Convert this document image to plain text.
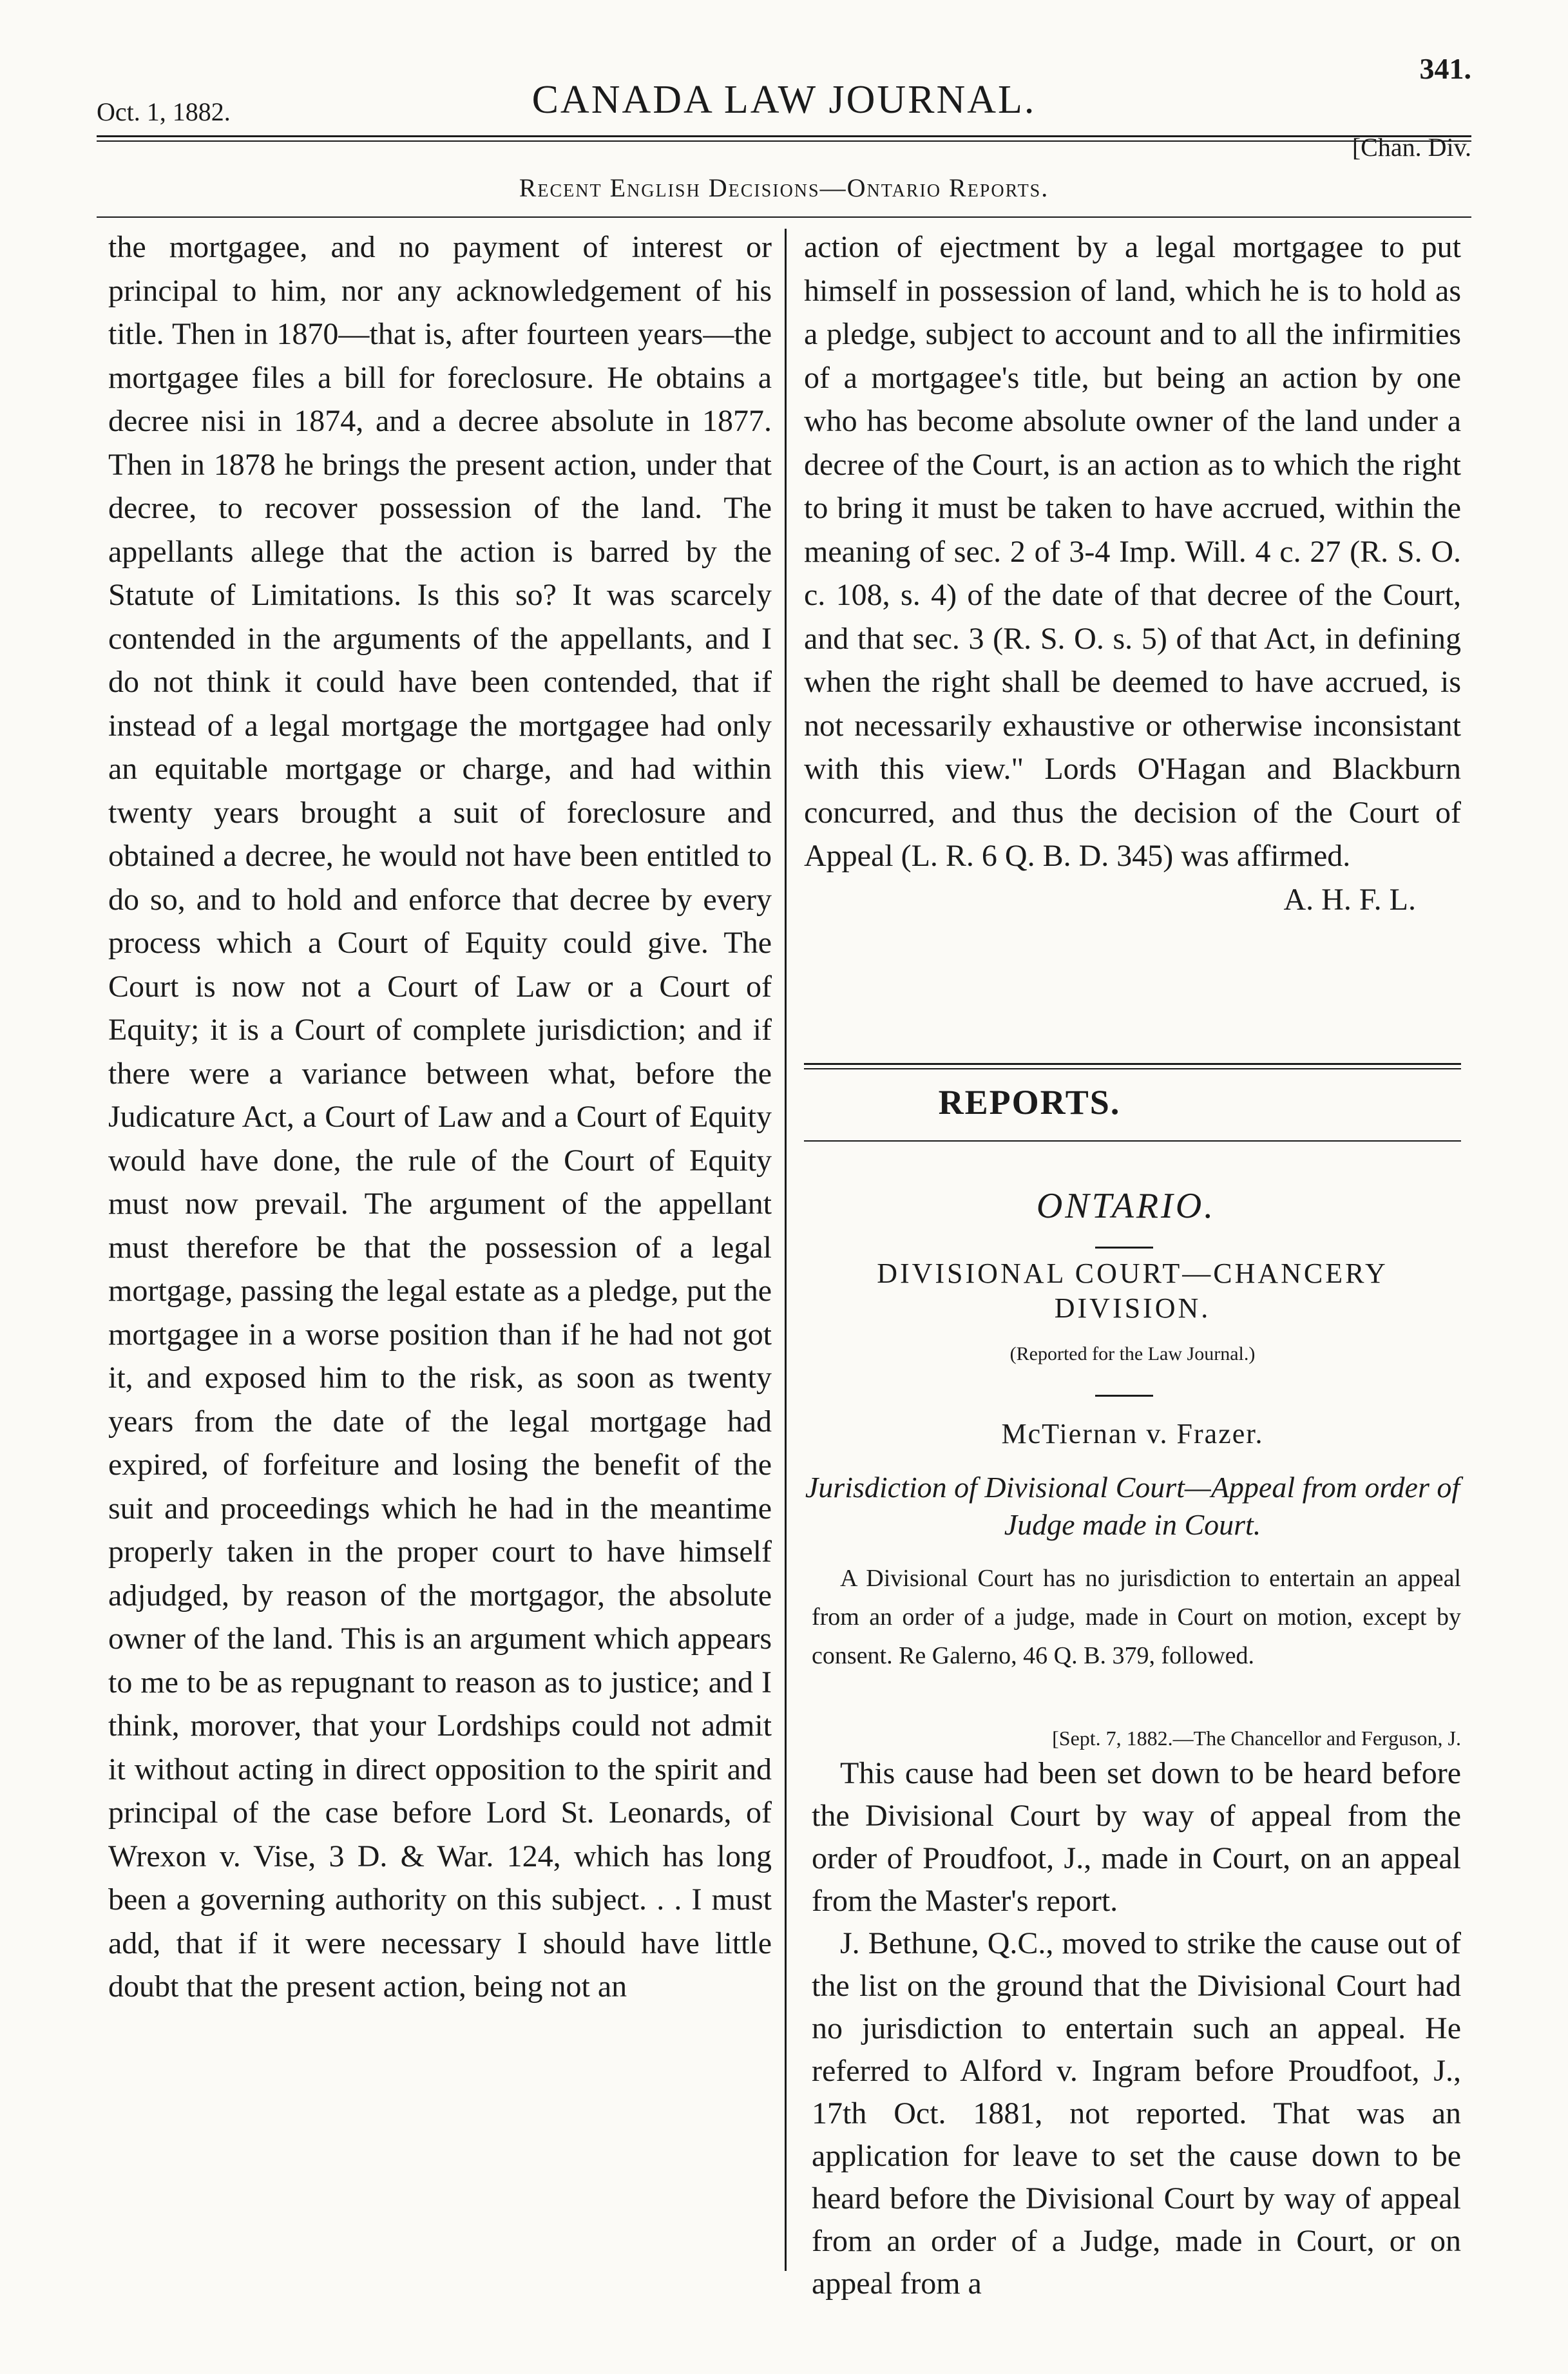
Oct. 1, 1882.	CANADA LAW JOURNAL.
341.
Recent English Decisions—Ontario Reports.
[Chan. Div.

the mortgagee, and no payment of interest or principal to him, nor any acknowledgement of his title. Then in 1870—that is, after fourteen years—the mortgagee files a bill for foreclosure. He obtains a decree nisi in 1874, and a decree absolute in 1877. Then in 1878 he brings the present action, under that decree, to recover possession of the land. The appellants allege that the action is barred by the Statute of Limitations. Is this so? It was scarcely contended in the arguments of the appellants, and I do not think it could have been contended, that if instead of a legal mortgage the mortgagee had only an equitable mortgage or charge, and had within twenty years brought a suit of foreclosure and obtained a decree, he would not have been entitled to do so, and to hold and enforce that decree by every process which a Court of Equity could give. The Court is now not a Court of Law or a Court of Equity; it is a Court of complete jurisdiction; and if there were a variance between what, before the Judicature Act, a Court of Law and a Court of Equity would have done, the rule of the Court of Equity must now prevail. The argument of the appellant must therefore be that the possession of a legal mortgage, passing the legal estate as a pledge, put the mortgagee in a worse position than if he had not got it, and exposed him to the risk, as soon as twenty years from the date of the legal mortgage had expired, of forfeiture and losing the benefit of the suit and proceedings which he had in the meantime properly taken in the proper court to have himself adjudged, by reason of the mortgagor, the absolute owner of the land. This is an argument which appears to me to be as repugnant to reason as to justice; and I think, morover, that your Lordships could not admit it without acting in direct opposition to the spirit and principal of the case before Lord St. Leonards, of Wrexon v. Vise, 3 D. & War. 124, which has long been a governing authority on this subject. . . I must add, that if it were necessary I should have little doubt that the present action, being not an

action of ejectment by a legal mortgagee to put himself in possession of land, which he is to hold as a pledge, subject to account and to all the infirmities of a mortgagee's title, but being an action by one who has become absolute owner of the land under a decree of the Court, is an action as to which the right to bring it must be taken to have accrued, within the meaning of sec. 2 of 3-4 Imp. Will. 4 c. 27 (R. S. O. c. 108, s. 4) of the date of that decree of the Court, and that sec. 3 (R. S. O. s. 5) of that Act, in defining when the right shall be deemed to have accrued, is not necessarily exhaustive or otherwise inconsistant with this view." Lords O'Hagan and Blackburn concurred, and thus the decision of the Court of Appeal (L. R. 6 Q. B. D. 345) was affirmed.

A. H. F. L.

REPORTS.
ONTARIO.
DIVISIONAL COURT—CHANCERY DIVISION.
(Reported for the Law Journal.)
McTiernan v. Frazer.
Jurisdiction of Divisional Court—Appeal from order of Judge made in Court.
A Divisional Court has no jurisdiction to entertain an appeal from an order of a judge, made in Court on motion, except by consent. Re Galerno, 46 Q. B. 379, followed.
[Sept. 7, 1882.—The Chancellor and Ferguson, J.

This cause had been set down to be heard before the Divisional Court by way of appeal from the order of Proudfoot, J., made in Court, on an appeal from the Master's report.

J. Bethune, Q.C., moved to strike the cause out of the list on the ground that the Divisional Court had no jurisdiction to entertain such an appeal. He referred to Alford v. Ingram before Proudfoot, J., 17th Oct. 1881, not reported. That was an application for leave to set the cause down to be heard before the Divisional Court by way of appeal from an order of a Judge, made in Court, or on appeal from a
